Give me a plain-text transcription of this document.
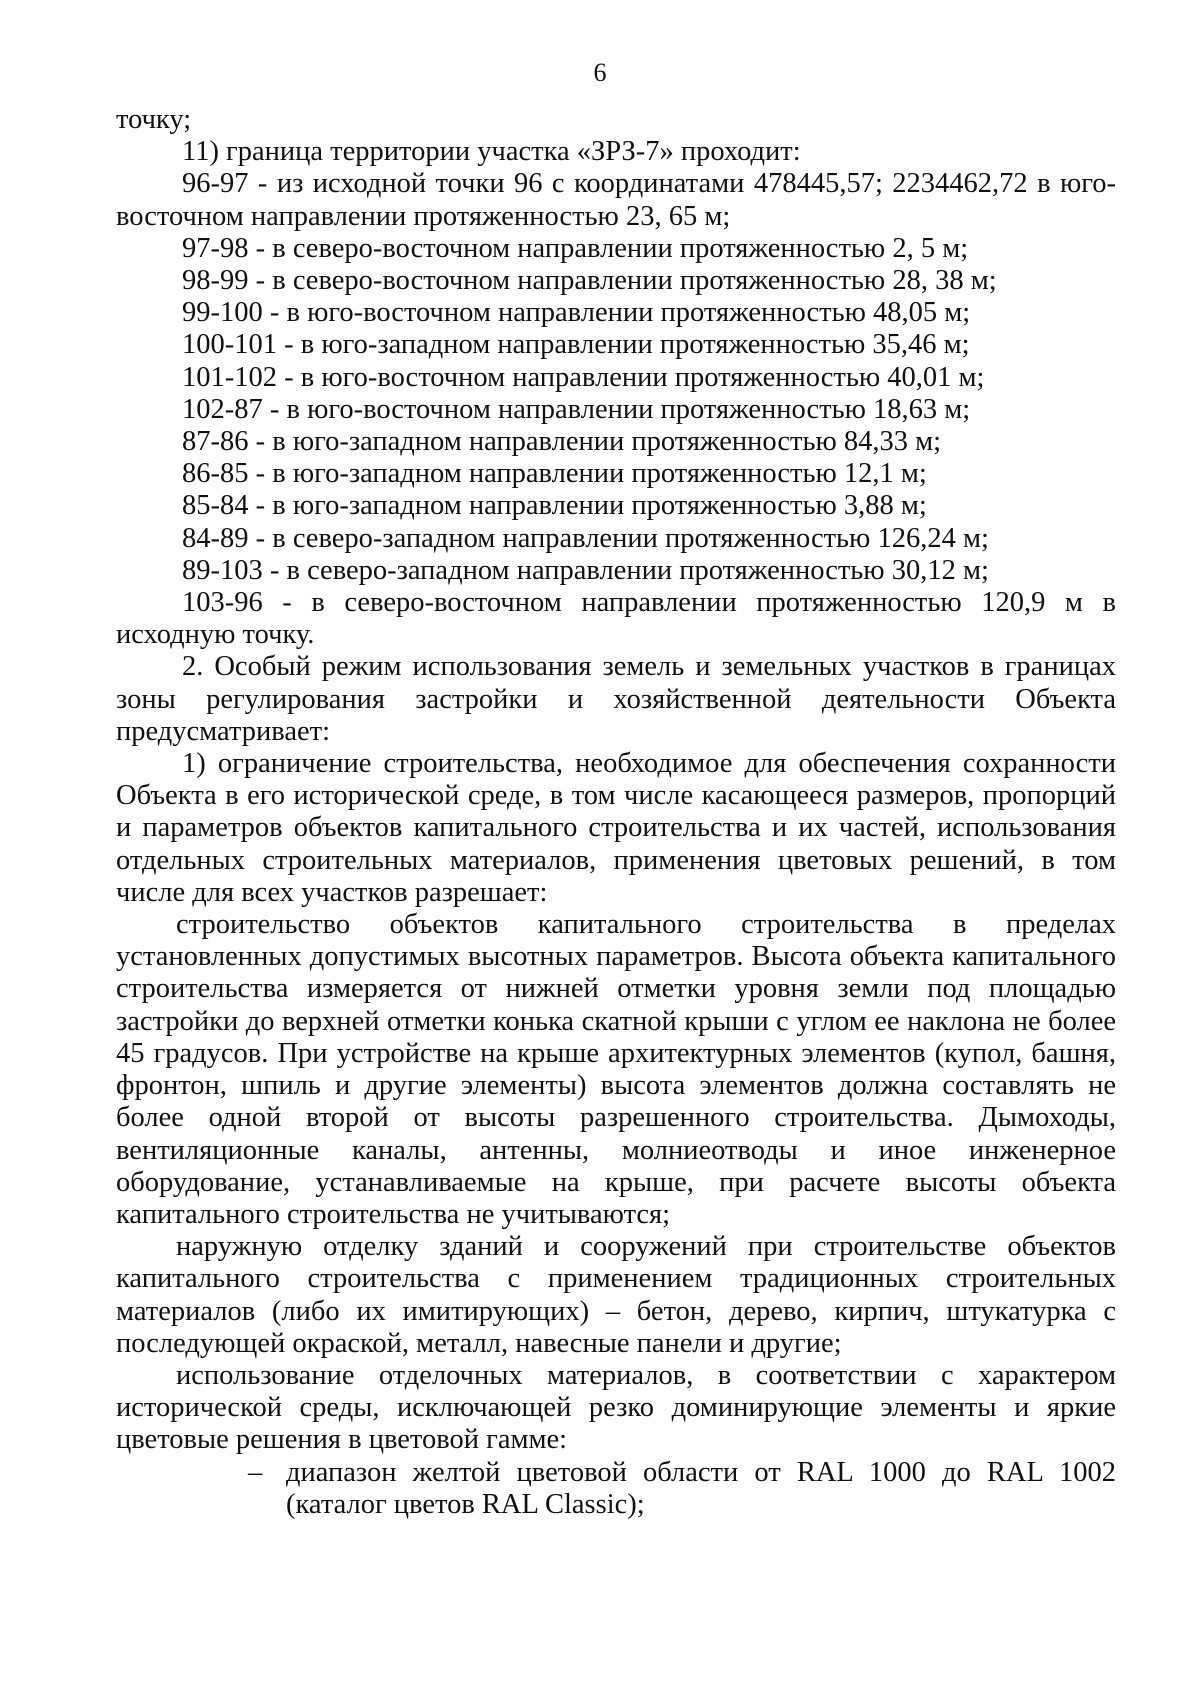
6

точку;

11) граница территории участка «ЗРЗ-7» проходит:

96-97 - из исходной точки 96 с координатами 478445,57; 2234462,72 в юго-восточном направлении протяженностью 23, 65 м;

97-98 - в северо-восточном направлении протяженностью 2, 5 м;

98-99 - в северо-восточном направлении протяженностью 28, 38 м;

99-100 - в юго-восточном направлении протяженностью 48,05 м;

100-101 - в юго-западном направлении протяженностью 35,46 м;

101-102 - в юго-восточном направлении протяженностью 40,01 м;

102-87 - в юго-восточном направлении протяженностью 18,63 м;

87-86 - в юго-западном направлении протяженностью 84,33 м;

86-85 - в юго-западном направлении протяженностью 12,1 м;

85-84 - в юго-западном направлении протяженностью 3,88 м;

84-89 - в северо-западном направлении протяженностью 126,24 м;

89-103 - в северо-западном направлении протяженностью 30,12 м;

103-96 - в северо-восточном направлении протяженностью 120,9 м в исходную точку.

2. Особый режим использования земель и земельных участков в границах зоны регулирования застройки и хозяйственной деятельности Объекта предусматривает:

1) ограничение строительства, необходимое для обеспечения сохранности Объекта в его исторической среде, в том числе касающееся размеров, пропорций и параметров объектов капитального строительства и их частей, использования отдельных строительных материалов, применения цветовых решений, в том числе для всех участков разрешает:

строительство объектов капитального строительства в пределах установленных допустимых высотных параметров. Высота объекта капитального строительства измеряется от нижней отметки уровня земли под площадью застройки до верхней отметки конька скатной крыши с углом ее наклона не более 45 градусов. При устройстве на крыше архитектурных элементов (купол, башня, фронтон, шпиль и другие элементы) высота элементов должна составлять не более одной второй от высоты разрешенного строительства. Дымоходы, вентиляционные каналы, антенны, молниеотводы и иное инженерное оборудование, устанавливаемые на крыше, при расчете высоты объекта капитального строительства не учитываются;

наружную отделку зданий и сооружений при строительстве объектов капитального строительства с применением традиционных строительных материалов (либо их имитирующих) – бетон, дерево, кирпич, штукатурка с последующей окраской, металл, навесные панели и другие;

использование отделочных материалов, в соответствии с характером исторической среды, исключающей резко доминирующие элементы и яркие цветовые решения в цветовой гамме:

– диапазон желтой цветовой области от RAL 1000 до RAL 1002 (каталог цветов RAL Classic);
